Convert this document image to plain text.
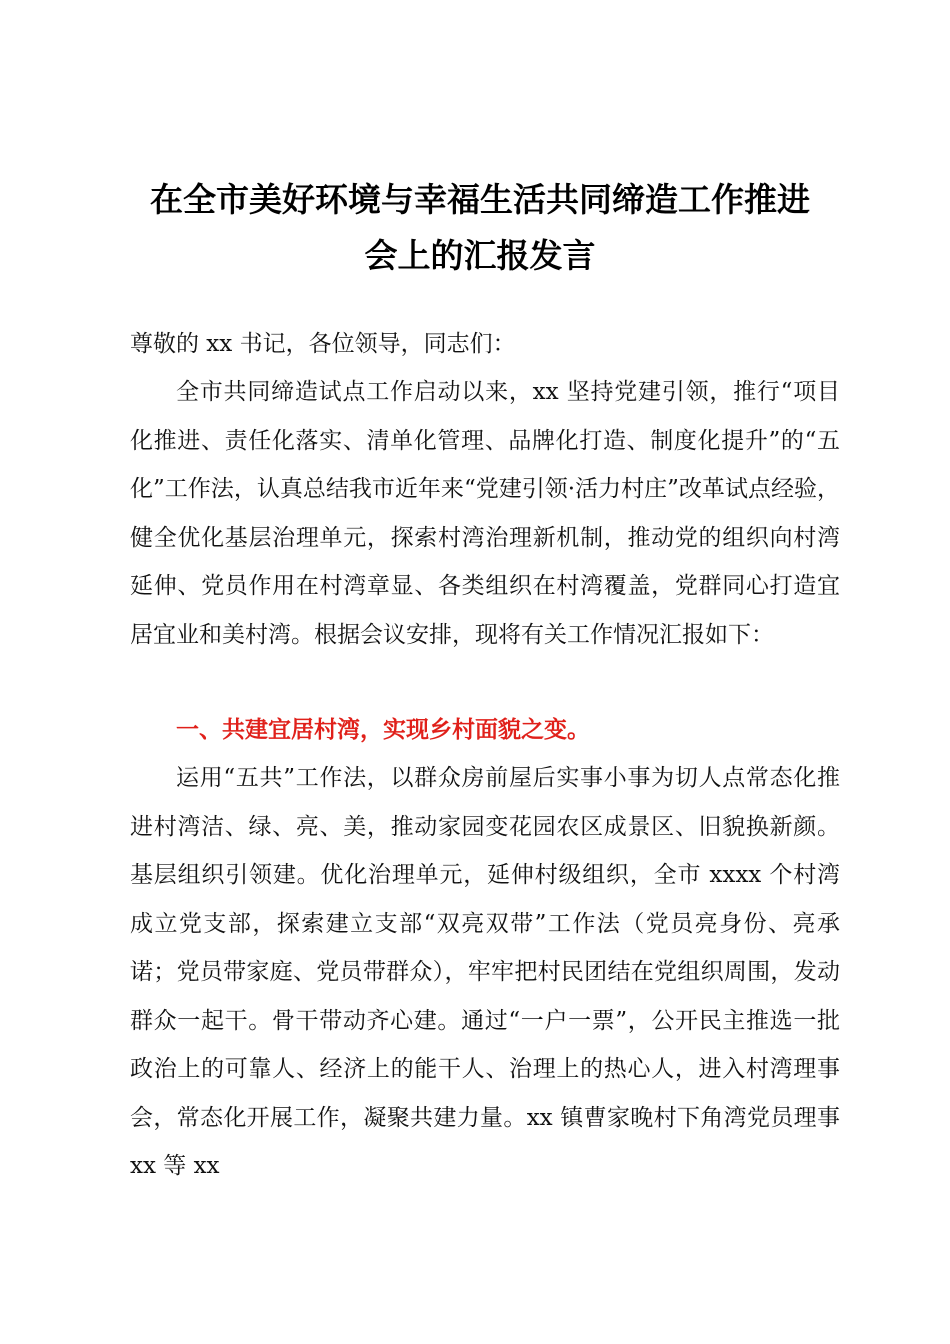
在全市美好环境与幸福生活共同缔造工作推进
会上的汇报发言
尊敬的 xx 书记，各位领导，同志们：

全市共同缔造试点工作启动以来，xx 坚持党建引领，推行“项目化推进、责任化落实、清单化管理、品牌化打造、制度化提升”的“五化”工作法，认真总结我市近年来“党建引领·活力村庄”改革试点经验，健全优化基层治理单元，探索村湾治理新机制，推动党的组织向村湾延伸、党员作用在村湾章显、各类组织在村湾覆盖，党群同心打造宜居宜业和美村湾。根据会议安排，现将有关工作情况汇报如下：

一、共建宜居村湾，实现乡村面貌之变。

运用“五共”工作法，以群众房前屋后实事小事为切人点常态化推进村湾洁、绿、亮、美，推动家园变花园农区成景区、旧貌换新颜。基层组织引领建。优化治理单元，延伸村级组织，全市 xxxx 个村湾成立党支部，探索建立支部“双亮双带”工作法（党员亮身份、亮承诺；党员带家庭、党员带群众），牢牢把村民团结在党组织周围，发动群众一起干。骨干带动齐心建。通过“一户一票”，公开民主推选一批政治上的可靠人、经济上的能干人、治理上的热心人，进入村湾理事会，常态化开展工作，凝聚共建力量。xx 镇曹家晚村下角湾党员理事 xx 等 xx
